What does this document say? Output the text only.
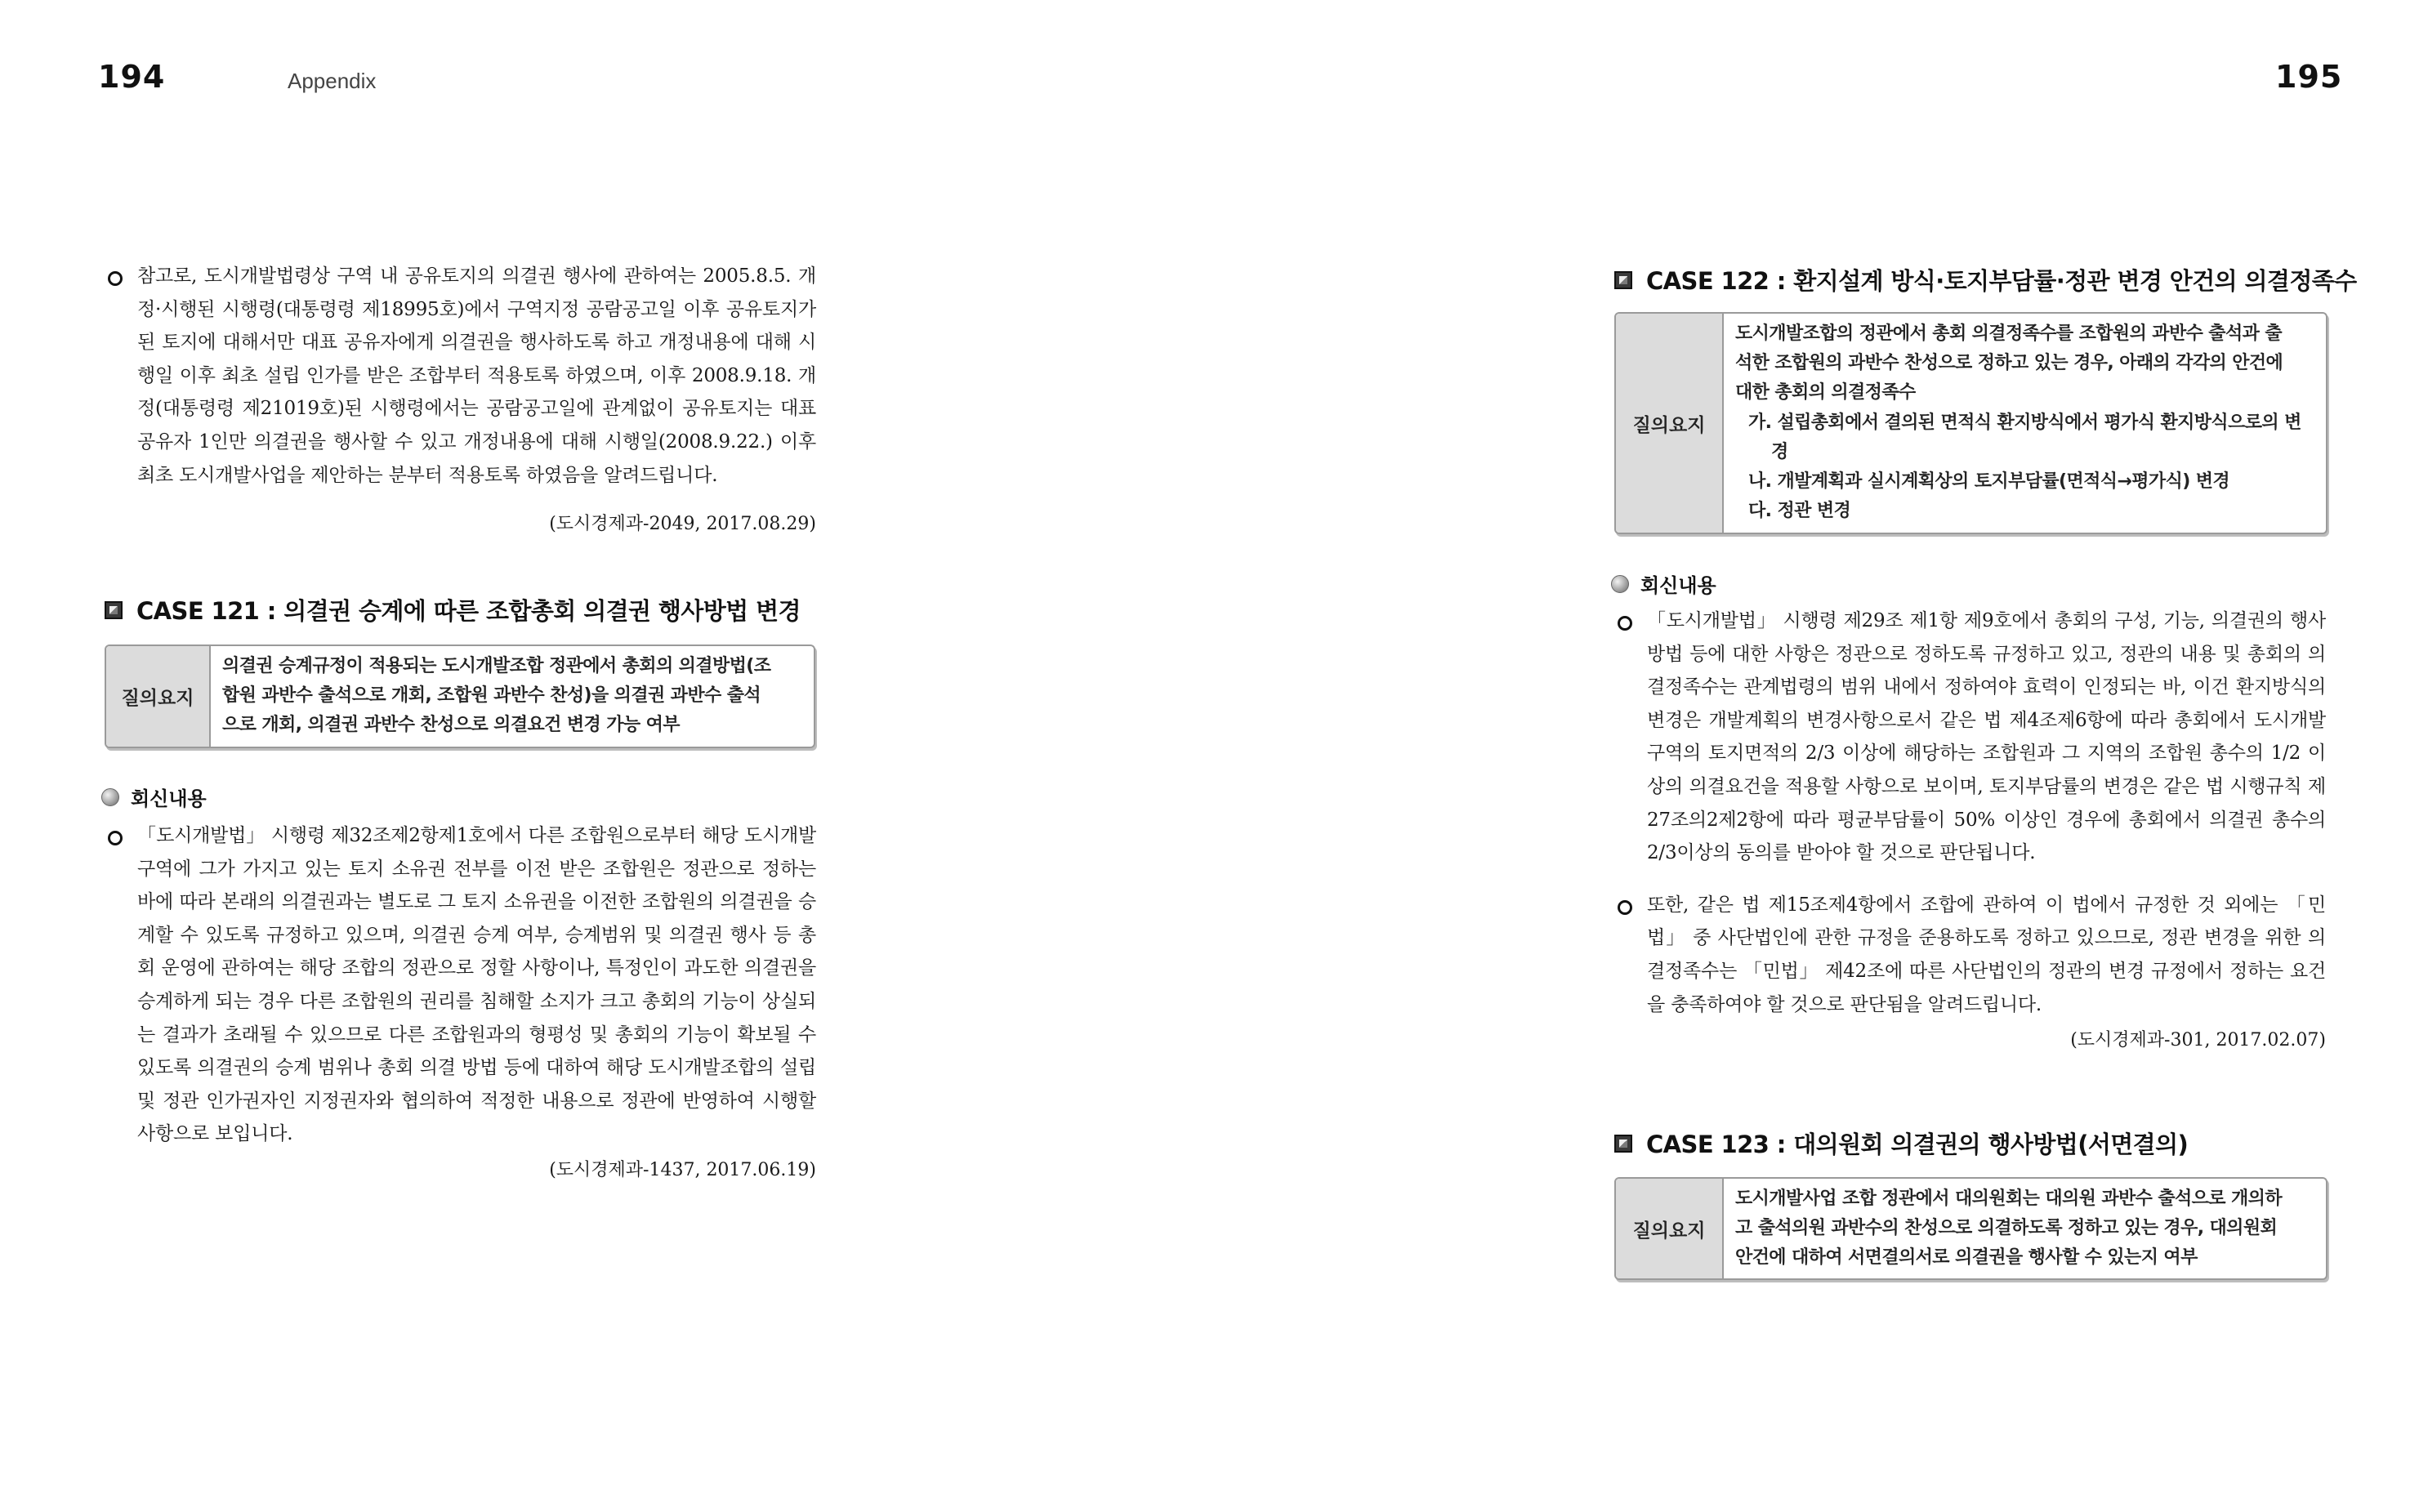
194	Appendix

참고로, 도시개발법령상 구역 내 공유토지의 의결권 행사에 관하여는 2005.8.5. 개정·시행된 시행령(대통령령 제18995호)에서 구역지정 공람공고일 이후 공유토지가 된 토지에 대해서만 대표 공유자에게 의결권을 행사하도록 하고 개정내용에 대해 시행일 이후 최초 설립 인가를 받은 조합부터 적용토록 하였으며, 이후 2008.9.18. 개정(대통령령 제21019호)된 시행령에서는 공람공고일에 관계없이 공유토지는 대표 공유자 1인만 의결권을 행사할 수 있고 개정내용에 대해 시행일(2008.9.22.) 이후 최초 도시개발사업을 제안하는 분부터 적용토록 하였음을 알려드립니다.

(도시경제과-2049, 2017.08.29)

CASE 121 : 의결권 승계에 따른 조합총회 의결권 행사방법 변경
질의요지

의결권 승계규정이 적용되는 도시개발조합 정관에서 총회의 의결방법(조

합원 과반수 출석으로 개회, 조합원 과반수 찬성)을 의결권 과반수 출석

으로 개회, 의결권 과반수 찬성으로 의결요건 변경 가능 여부

회신내용

「도시개발법」 시행령 제32조제2항제1호에서 다른 조합원으로부터 해당 도시개발구역에 그가 가지고 있는 토지 소유권 전부를 이전 받은 조합원은 정관으로 정하는 바에 따라 본래의 의결권과는 별도로 그 토지 소유권을 이전한 조합원의 의결권을 승계할 수 있도록 규정하고 있으며, 의결권 승계 여부, 승계범위 및 의결권 행사 등 총회 운영에 관하여는 해당 조합의 정관으로 정할 사항이나, 특정인이 과도한 의결권을 승계하게 되는 경우 다른 조합원의 권리를 침해할 소지가 크고 총회의 기능이 상실되는 결과가 초래될 수 있으므로 다른 조합원과의 형평성 및 총회의 기능이 확보될 수 있도록 의결권의 승계 범위나 총회 의결 방법 등에 대하여 해당 도시개발조합의 설립 및 정관 인가권자인 지정권자와 협의하여 적정한 내용으로 정관에 반영하여 시행할 사항으로 보입니다.

(도시경제과-1437, 2017.06.19)

195
CASE 122 : 환지설계 방식·토지부담률·정관 변경 안건의 의결정족수
질의요지

도시개발조합의 정관에서 총회 의결정족수를 조합원의 과반수 출석과 출

석한 조합원의 과반수 찬성으로 정하고 있는 경우, 아래의 각각의 안건에

대한 총회의 의결정족수

가. 설립총회에서 결의된 면적식 환지방식에서 평가식 환지방식으로의 변경

나. 개발계획과 실시계획상의 토지부담률(면적식→평가식) 변경

다. 정관 변경

회신내용

「도시개발법」 시행령 제29조 제1항 제9호에서 총회의 구성, 기능, 의결권의 행사 방법 등에 대한 사항은 정관으로 정하도록 규정하고 있고, 정관의 내용 및 총회의 의결정족수는 관계법령의 범위 내에서 정하여야 효력이 인정되는 바, 이건 환지방식의 변경은 개발계획의 변경사항으로서 같은 법 제4조제6항에 따라 총회에서 도시개발구역의 토지면적의 2/3 이상에 해당하는 조합원과 그 지역의 조합원 총수의 1/2 이상의 의결요건을 적용할 사항으로 보이며, 토지부담률의 변경은 같은 법 시행규칙 제27조의2제2항에 따라 평균부담률이 50% 이상인 경우에 총회에서 의결권 총수의 2/3이상의 동의를 받아야 할 것으로 판단됩니다.

또한, 같은 법 제15조제4항에서 조합에 관하여 이 법에서 규정한 것 외에는 「민법」 중 사단법인에 관한 규정을 준용하도록 정하고 있으므로, 정관 변경을 위한 의결정족수는 「민법」 제42조에 따른 사단법인의 정관의 변경 규정에서 정하는 요건을 충족하여야 할 것으로 판단됨을 알려드립니다.

(도시경제과-301, 2017.02.07)

CASE 123 : 대의원회 의결권의 행사방법(서면결의)
질의요지

도시개발사업 조합 정관에서 대의원회는 대의원 과반수 출석으로 개의하

고 출석의원 과반수의 찬성으로 의결하도록 정하고 있는 경우, 대의원회

안건에 대하여 서면결의서로 의결권을 행사할 수 있는지 여부
